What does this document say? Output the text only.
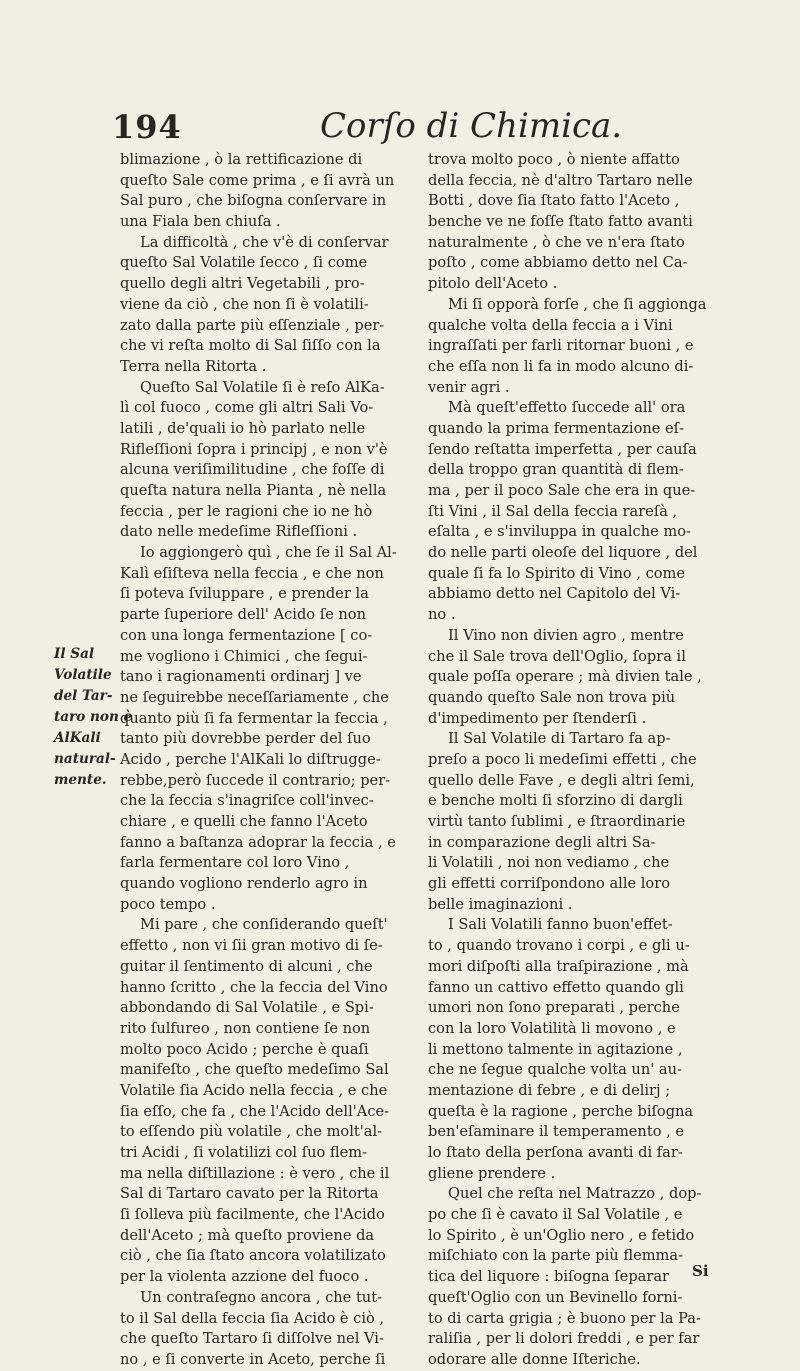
194	Corſo di Chimica.
Il Sal
Volatile
del Tar-
taro non è
AlKali
natural-
mente.
blimazione , ò la rettificazione di
queſto Sale come prima , e ſi avrà un
Sal puro , che biſogna conſervare in
una Fiala ben chiuſa .
La difficoltà , che v'è di conſervar
queſto Sal Volatile ſecco , ſi come
quello degli altri Vegetabili , pro-
viene da ciò , che non ſi è volatili-
zato dalla parte più eſſenziale , per-
che vi reſta molto di Sal ſiſſo con la
Terra nella Ritorta .
Queſto Sal Volatile ſi è reſo AlKa-
lì col fuoco , come gli altri Sali Vo-
latili , de'quali io hò parlato nelle
Rifleſſioni ſopra i principj , e non v'è
alcuna veriſimilitudine , che foſſe di
queſta natura nella Pianta , nè nella
feccia , per le ragioni che io ne hò
dato nelle medeſime Rifleſſioni .
Io aggiongerò quì , che ſe il Sal Al-
Kalì eſiſteva nella feccia , e che non
ſi poteva ſviluppare , e prender la
parte ſuperiore dell' Acido ſe non
con una longa fermentazione [ co-
me vogliono i Chimici , che ſegui-
tano i ragionamenti ordinarj ] ve
ne ſeguirebbe neceſſariamente , che
quanto più ſi fa fermentar la feccia ,
tanto più dovrebbe perder del ſuo
Acido , perche l'AlKali lo diſtrugge-
rebbe,però ſuccede il contrario; per-
che la feccia s'inagriſce coll'invec-
chiare , e quelli che fanno l'Aceto
fanno a baſtanza adoprar la feccia , e
farla fermentare col loro Vino ,
quando vogliono renderlo agro in
poco tempo .
Mi pare , che conſiderando queſt'
effetto , non vi ſii gran motivo di ſe-
guitar il ſentimento di alcuni , che
hanno ſcritto , che la feccia del Vino
abbondando di Sal Volatile , e Spi-
rito ſulfureo , non contiene ſe non
molto poco Acido ; perche è quaſi
manifeſto , che queſto medeſimo Sal
Volatile ſia Acido nella feccia , e che
ſia eſſo, che fa , che l'Acido dell'Ace-
to eſſendo più volatile , che molt'al-
tri Acidi , ſi volatilizi col ſuo flem-
ma nella diſtillazione : è vero , che il
Sal di Tartaro cavato per la Ritorta
ſi ſolleva più facilmente, che l'Acido
dell'Aceto ; mà queſto proviene da
ciò , che ſia ſtato ancora volatilizato
per la violenta azzione del fuoco .
Un contraſegno ancora , che tut-
to il Sal della feccia ſia Acido è ciò ,
che queſto Tartaro ſi diſſolve nel Vi-
no , e ſi converte in Aceto, perche ſi
trova molto poco , ò niente affatto
della feccia, nè d'altro Tartaro nelle
Botti , dove ſia ſtato fatto l'Aceto ,
benche ve ne foſſe ſtato fatto avanti
naturalmente , ò che ve n'era ſtato
poſto , come abbiamo detto nel Ca-
pitolo dell'Aceto .
Mi ſi opporà forſe , che ſi aggionga
qualche volta della feccia a i Vini
ingraſſati per farli ritornar buoni , e
che eſſa non li fa in modo alcuno di-
venir agri .
Mà queſt'effetto ſuccede all' ora
quando la prima fermentazione eſ-
ſendo reſtatta imperfetta , per cauſa
della troppo gran quantità di flem-
ma , per il poco Sale che era in que-
ſti Vini , il Sal della feccia rareſà ,
eſalta , e s'inviluppa in qualche mo-
do nelle parti oleoſe del liquore , del
quale ſi fa lo Spirito di Vino , come
abbiamo detto nel Capitolo del Vi-
no .
Il Vino non divien agro , mentre
che il Sale trova dell'Oglio, ſopra il
quale poſſa operare ; mà divien tale ,
quando queſto Sale non trova più
d'impedimento per ſtenderſi .
Il Sal Volatile di Tartaro fa ap-
preſo a poco li medeſimi effetti , che
quello delle Fave , e degli altri ſemi,
e benche molti ſi sforzino di dargli
virtù tanto ſublimi , e ſtraordinarie
in comparazione degli altri Sa-
li Volatili , noi non vediamo , che
gli effetti corriſpondono alle loro
belle imaginazioni .
I Sali Volatili fanno buon'effet-
to , quando trovano i corpi , e gli u-
mori diſpoſti alla traſpirazione , mà
fanno un cattivo effetto quando gli
umori non ſono preparati , perche
con la loro Volatilità li movono , e
li mettono talmente in agitazione ,
che ne ſegue qualche volta un' au-
mentazione di febre , e di delirj ;
queſta è la ragione , perche biſogna
ben'eſaminare il temperamento , e
lo ſtato della perſona avanti di far-
gliene prendere .
Quel che reſta nel Matrazzo , dop-
po che ſi è cavato il Sal Volatile , e
lo Spirito , è un'Oglio nero , e fetido
miſchiato con la parte più flemma-
tica del liquore : biſogna ſeparar
queſt'Oglio con un Bevinello forni-
to di carta grigia ; è buono per la Pa-
raliſia , per li dolori freddi , e per far
odorare alle donne Iſteriche.
Si
